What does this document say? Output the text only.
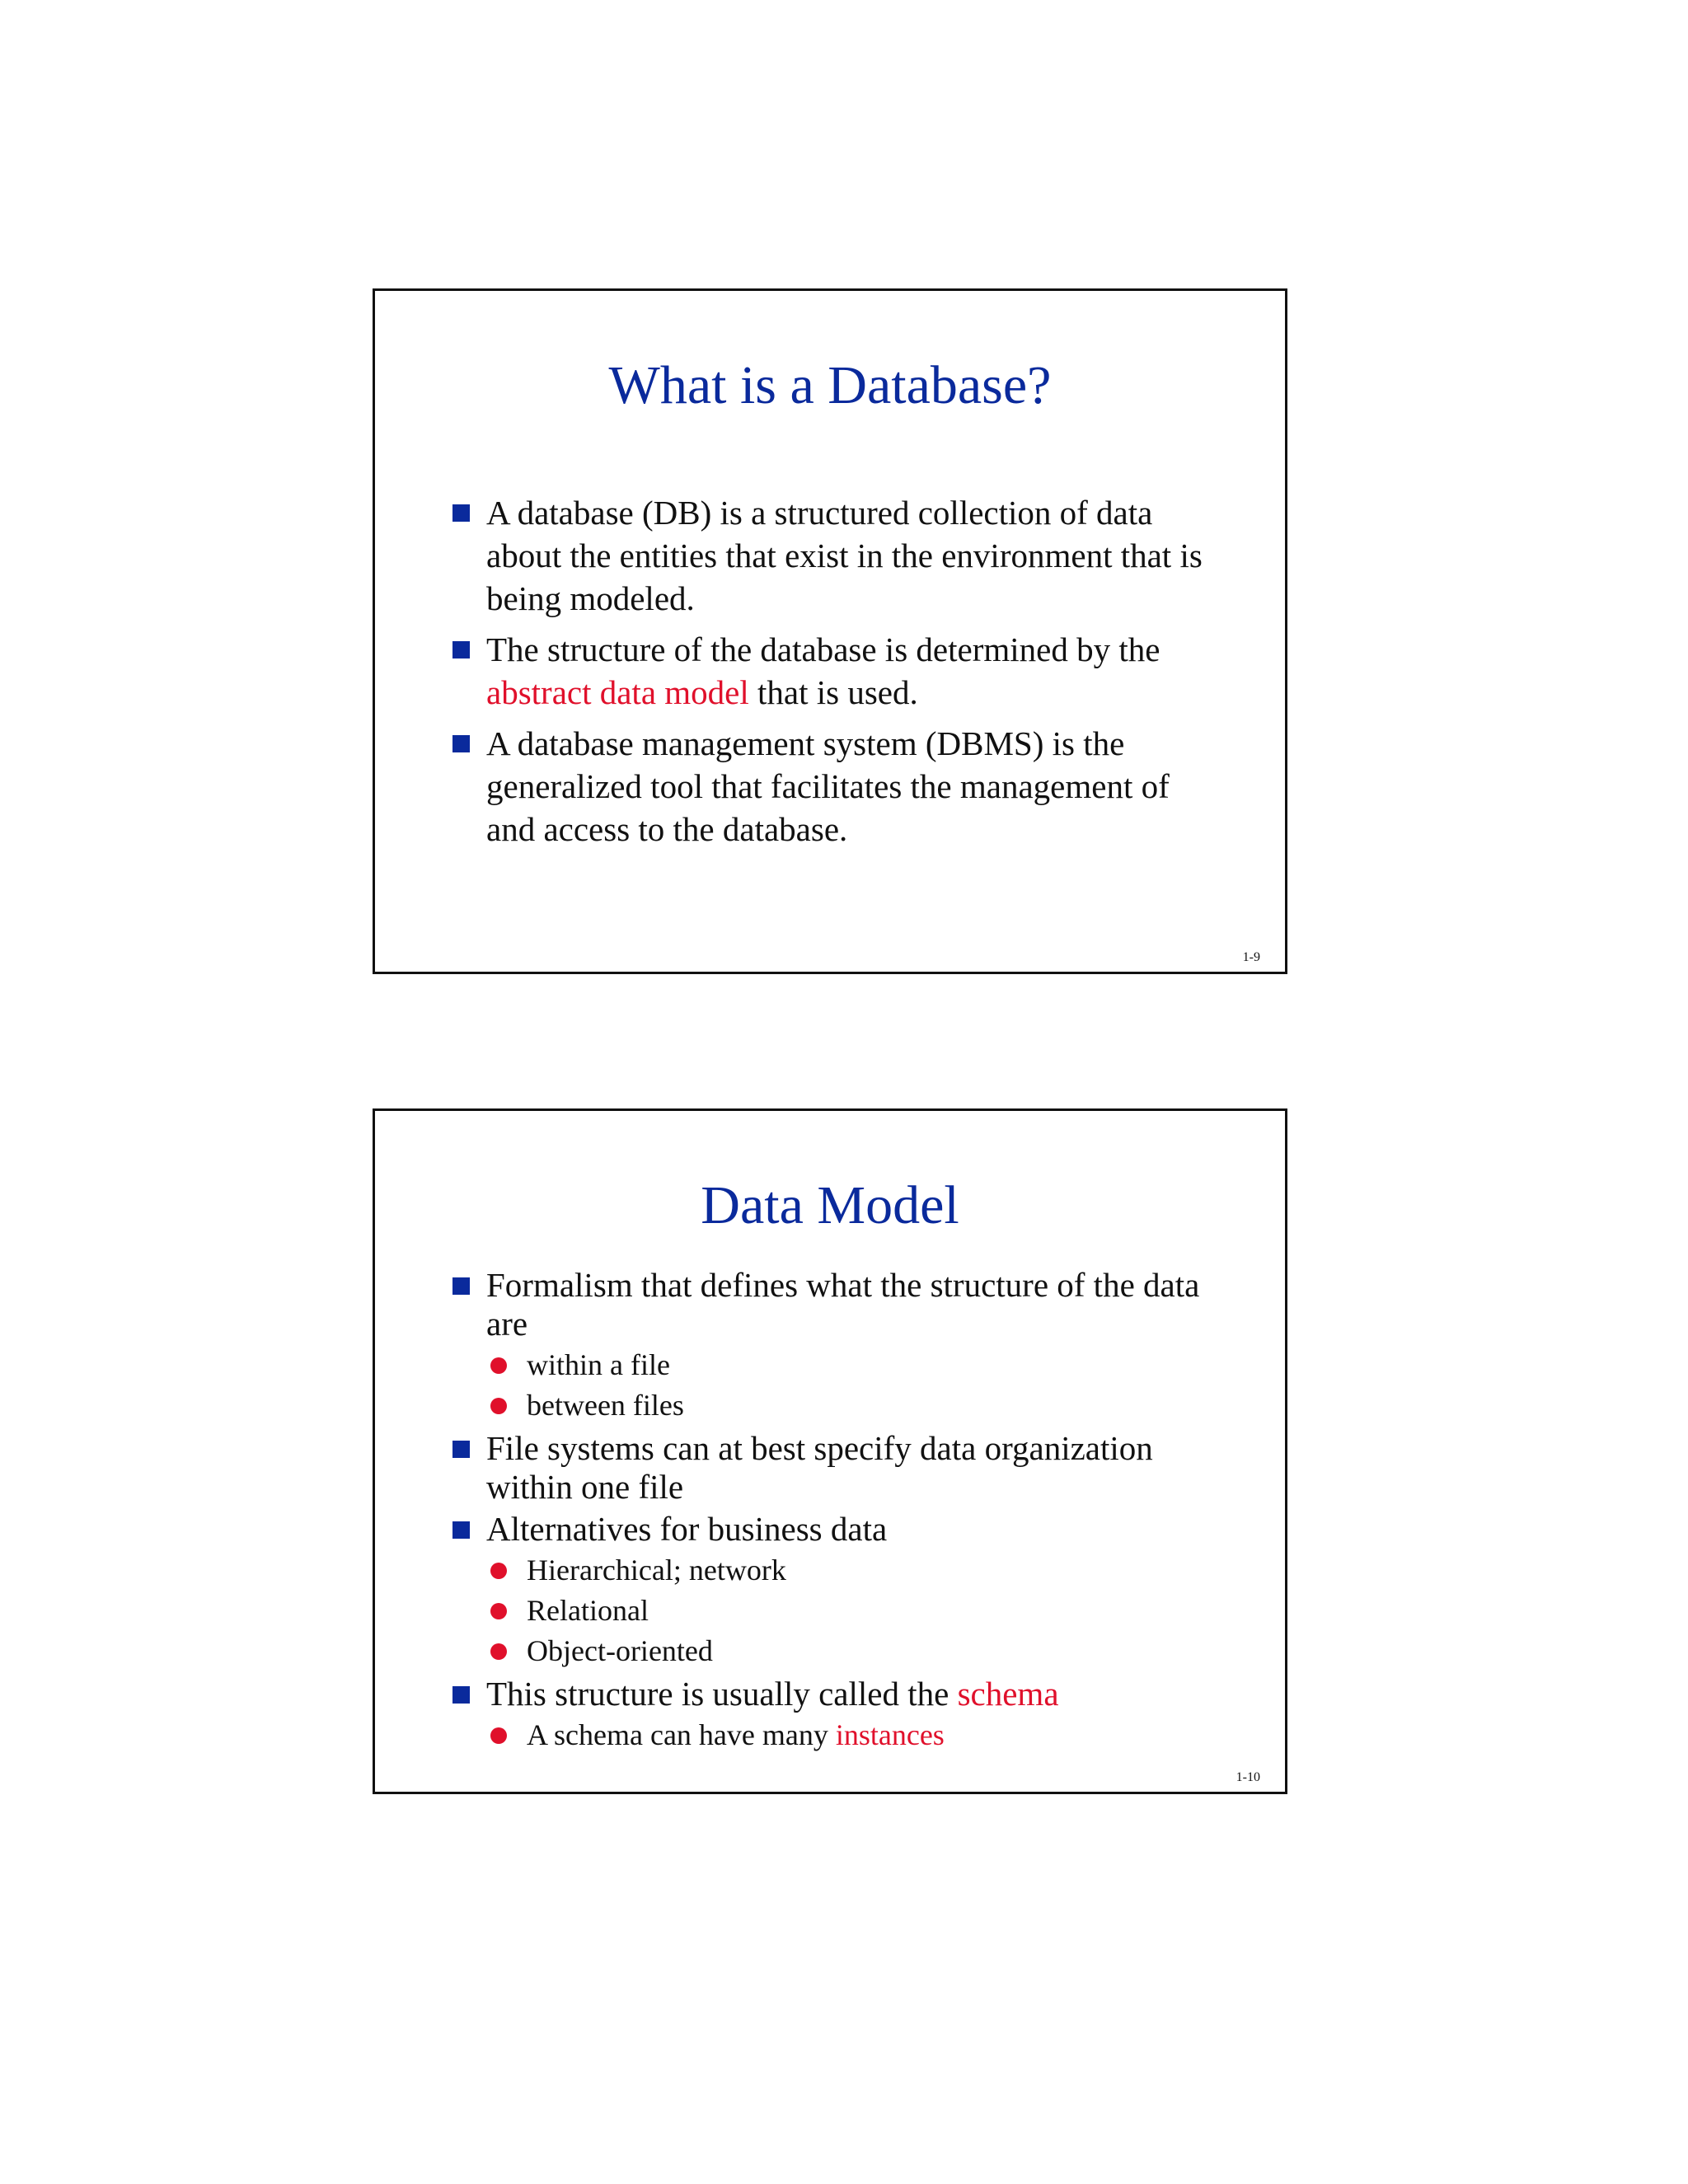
What is a Database?
A database (DB) is a structured collection of data about the entities that exist in the environment that is being modeled.
The structure of the database is determined by the abstract data model that is used.
A database management system (DBMS) is the generalized tool that facilitates the management of and access to the database.
1-9
Data Model
Formalism that defines what the structure of the data are
within a file
between files
File systems can at best specify data organization within one file
Alternatives for business data
Hierarchical; network
Relational
Object-oriented
This structure is usually called the schema
A schema can have many instances
1-10
